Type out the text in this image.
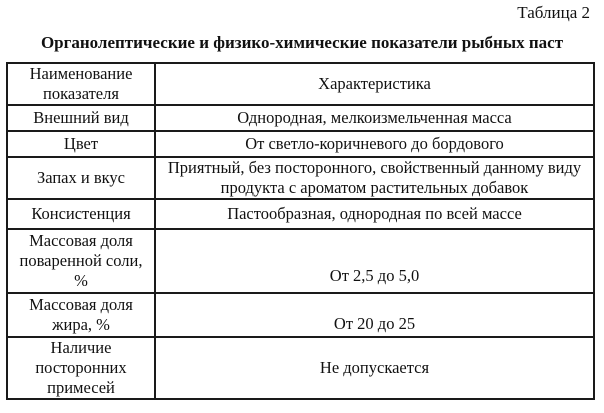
Таблица 2
Органолептические и физико-химические показатели рыбных паст
Наименование показателя	Характеристика
Внешний вид	Однородная, мелкоизмельченная масса
Цвет	От светло-коричневого до бордового
Запах и вкус	Приятный, без посторонного, свойственный данному виду продукта с ароматом растительных добавок
Консистенция	Пастообразная, однородная по всей массе
Массовая доля поваренной соли, %	От 2,5 до 5,0
Массовая доля жира, %	От 20 до 25
Наличие посторонних примесей	Не допускается
